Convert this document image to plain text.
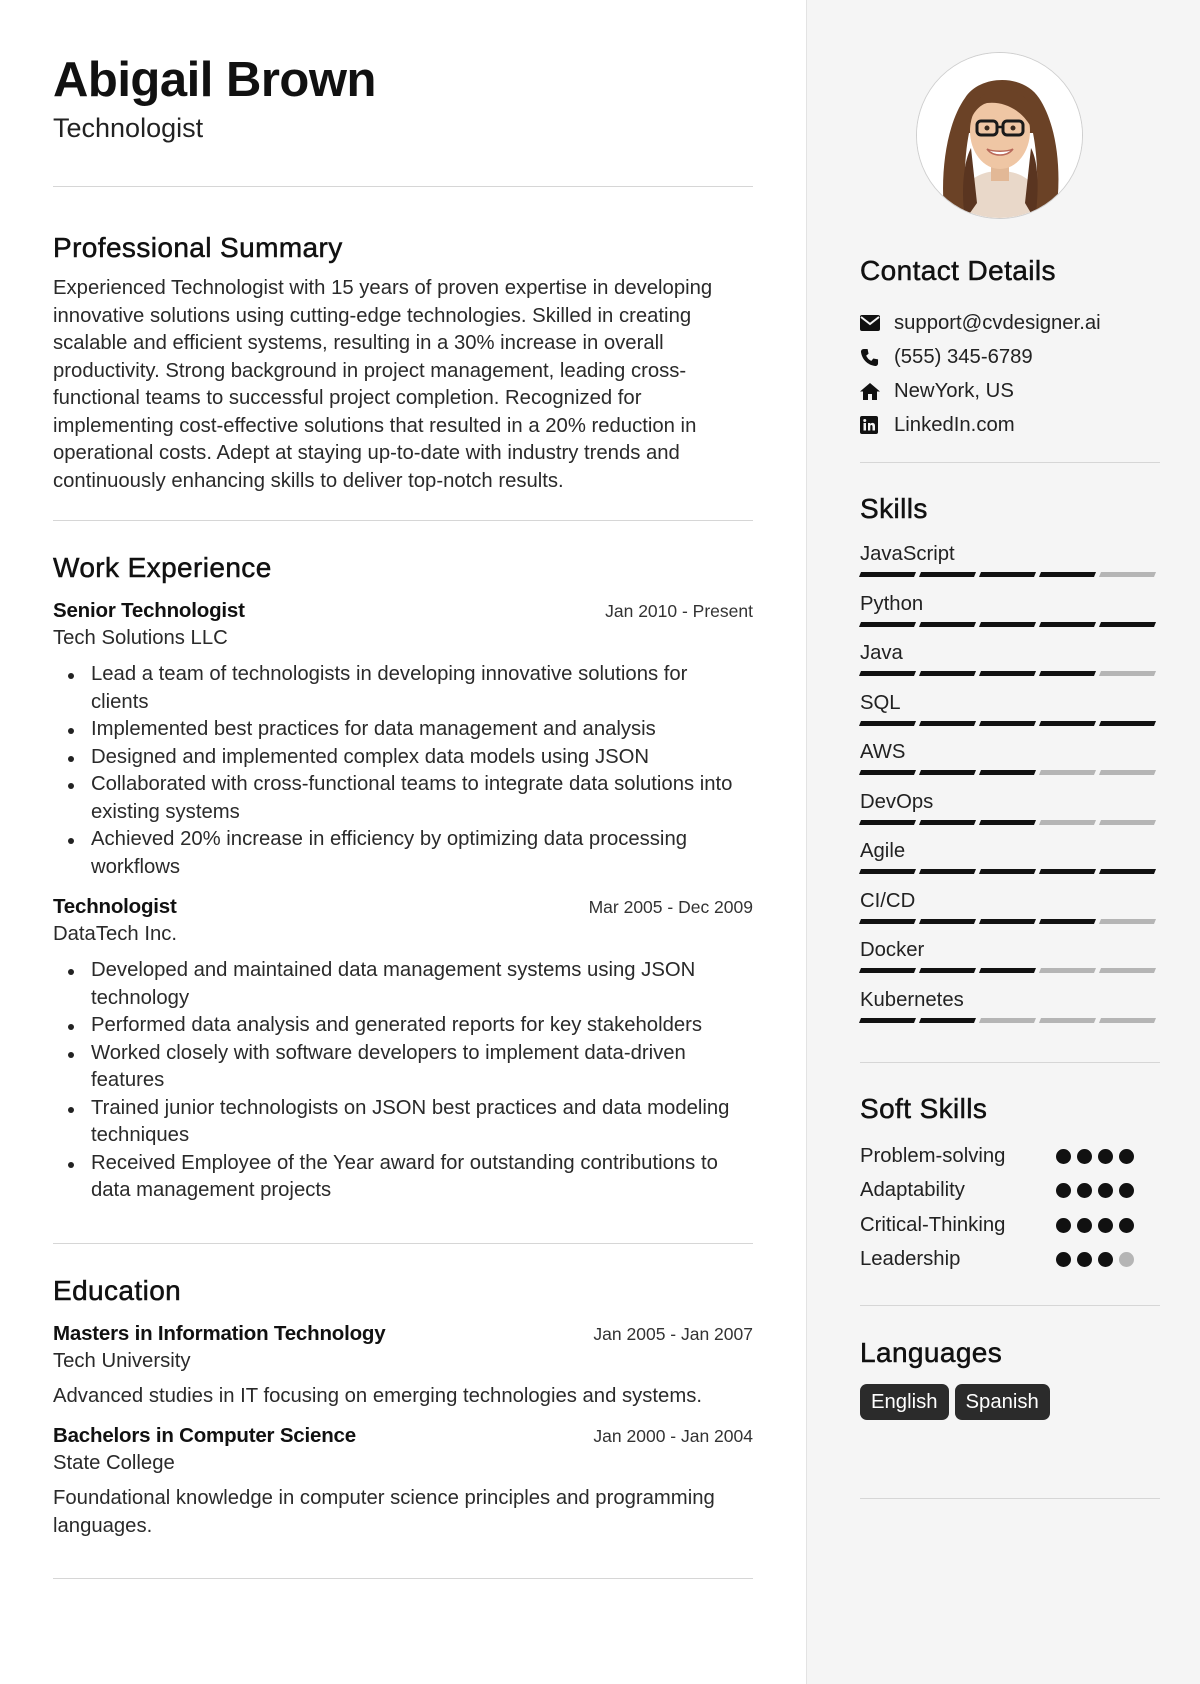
Abigail Brown
Technologist
Professional Summary
Experienced Technologist with 15 years of proven expertise in developing innovative solutions using cutting-edge technologies. Skilled in creating scalable and efficient systems, resulting in a 30% increase in overall productivity. Strong background in project management, leading cross-functional teams to successful project completion. Recognized for implementing cost-effective solutions that resulted in a 20% reduction in operational costs. Adept at staying up-to-date with industry trends and continuously enhancing skills to deliver top-notch results.
Work Experience
Senior Technologist	Jan 2010 - Present
Tech Solutions LLC
Lead a team of technologists in developing innovative solutions for clients
Implemented best practices for data management and analysis
Designed and implemented complex data models using JSON
Collaborated with cross-functional teams to integrate data solutions into existing systems
Achieved 20% increase in efficiency by optimizing data processing workflows
Technologist	Mar 2005 - Dec 2009
DataTech Inc.
Developed and maintained data management systems using JSON technology
Performed data analysis and generated reports for key stakeholders
Worked closely with software developers to implement data-driven features
Trained junior technologists on JSON best practices and data modeling techniques
Received Employee of the Year award for outstanding contributions to data management projects
Education
Masters in Information Technology	Jan 2005 - Jan 2007
Tech University
Advanced studies in IT focusing on emerging technologies and systems.
Bachelors in Computer Science	Jan 2000 - Jan 2004
State College
Foundational knowledge in computer science principles and programming languages.
Contact Details
support@cvdesigner.ai
(555) 345-6789
NewYork, US
LinkedIn.com
Skills
JavaScript
Python
Java
SQL
AWS
DevOps
Agile
CI/CD
Docker
Kubernetes
Soft Skills
Problem-solving
Adaptability
Critical-Thinking
Leadership
Languages
English	Spanish
